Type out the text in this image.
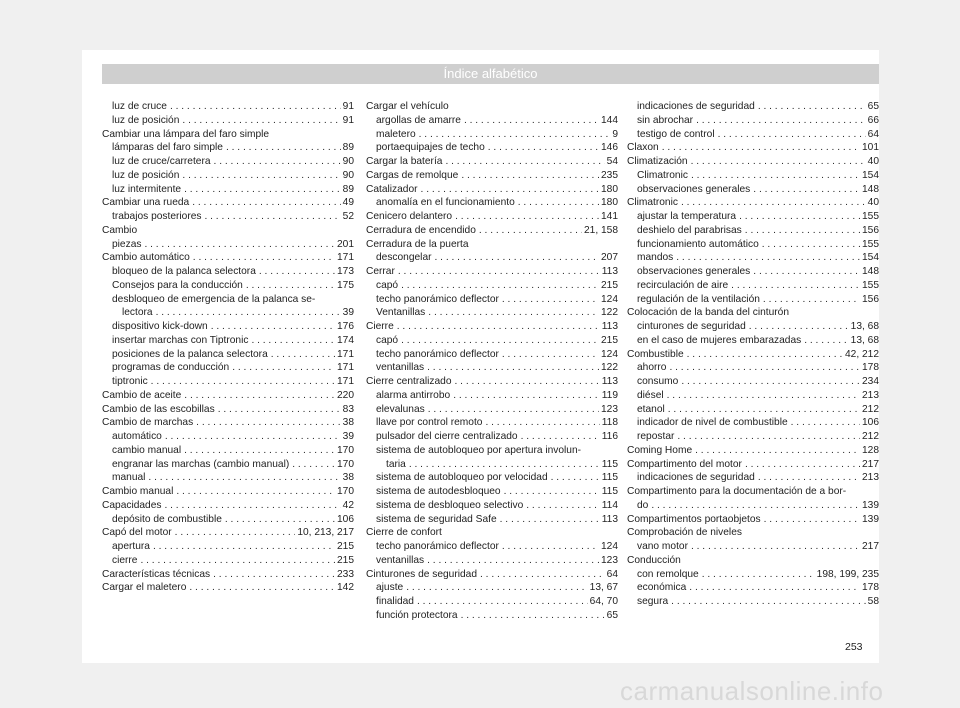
Índice alfabético
luz de cruce . . .	91
luz de posición . . .	91
Cambiar una lámpara del faro simple
lámparas del faro simple . . .	89
luz de cruce/carretera . . .	90
luz de posición . . .	90
luz intermitente . . .	89
Cambiar una rueda . . .	49
trabajos posteriores . . .	52
Cambio
piezas . . .	201
Cambio automático . . .	171
bloqueo de la palanca selectora . . .	173
Consejos para la conducción . . .	175
desbloqueo de emergencia de la palanca se-
lectora . . .	39
dispositivo kick-down . . .	176
insertar marchas con Tiptronic . . .	174
posiciones de la palanca selectora . . .	171
programas de conducción . . .	171
tiptronic . . .	171
Cambio de aceite . . .	220
Cambio de las escobillas . . .	83
Cambio de marchas . . .	38
automático . . .	39
cambio manual . . .	170
engranar las marchas (cambio manual) . . .	170
manual . . .	38
Cambio manual . . .	170
Capacidades . . .	42
depósito de combustible . . .	106
Capó del motor . . .	10, 213, 217
apertura . . .	215
cierre . . .	215
Características técnicas . . .	233
Cargar el maletero . . .	142
Cargar el vehículo
argollas de amarre . . .	144
maletero . . .	9
portaequipajes de techo . . .	146
Cargar la batería . . .	54
Cargas de remolque . . .	235
Catalizador . . .	180
anomalía en el funcionamiento . . .	180
Cenicero delantero . . .	141
Cerradura de encendido . . .	21, 158
Cerradura de la puerta
descongelar . . .	207
Cerrar . . .	113
capó . . .	215
techo panorámico deflector . . .	124
Ventanillas . . .	122
Cierre . . .	113
capó . . .	215
techo panorámico deflector . . .	124
ventanillas . . .	122
Cierre centralizado . . .	113
alarma antirrobo . . .	119
elevalunas . . .	123
llave por control remoto . . .	118
pulsador del cierre centralizado . . .	116
sistema de autobloqueo por apertura involun-
taria . . .	115
sistema de autobloqueo por velocidad . . .	115
sistema de autodesbloqueo . . .	115
sistema de desbloqueo selectivo . . .	114
sistema de seguridad Safe . . .	113
Cierre de confort
techo panorámico deflector . . .	124
ventanillas . . .	123
Cinturones de seguridad . . .	64
ajuste . . .	13, 67
finalidad . . .	64, 70
función protectora . . .	65
indicaciones de seguridad . . .	65
sin abrochar . . .	66
testigo de control . . .	64
Claxon . . .	101
Climatización . . .	40
Climatronic . . .	154
observaciones generales . . .	148
Climatronic . . .	40
ajustar la temperatura . . .	155
deshielo del parabrisas . . .	156
funcionamiento automático . . .	155
mandos . . .	154
observaciones generales . . .	148
recirculación de aire . . .	155
regulación de la ventilación . . .	156
Colocación de la banda del cinturón
cinturones de seguridad . . .	13, 68
en el caso de mujeres embarazadas . . .	13, 68
Combustible . . .	42, 212
ahorro . . .	178
consumo . . .	234
diésel . . .	213
etanol . . .	212
indicador de nivel de combustible . . .	106
repostar . . .	212
Coming Home . . .	128
Compartimento del motor . . .	217
indicaciones de seguridad . . .	213
Compartimento para la documentación de a bor-
do . . .	139
Compartimentos portaobjetos . . .	139
Comprobación de niveles
vano motor . . .	217
Conducción
con remolque . . .	198, 199, 235
económica . . .	178
segura . . .	58
253
carmanualsonline.info
